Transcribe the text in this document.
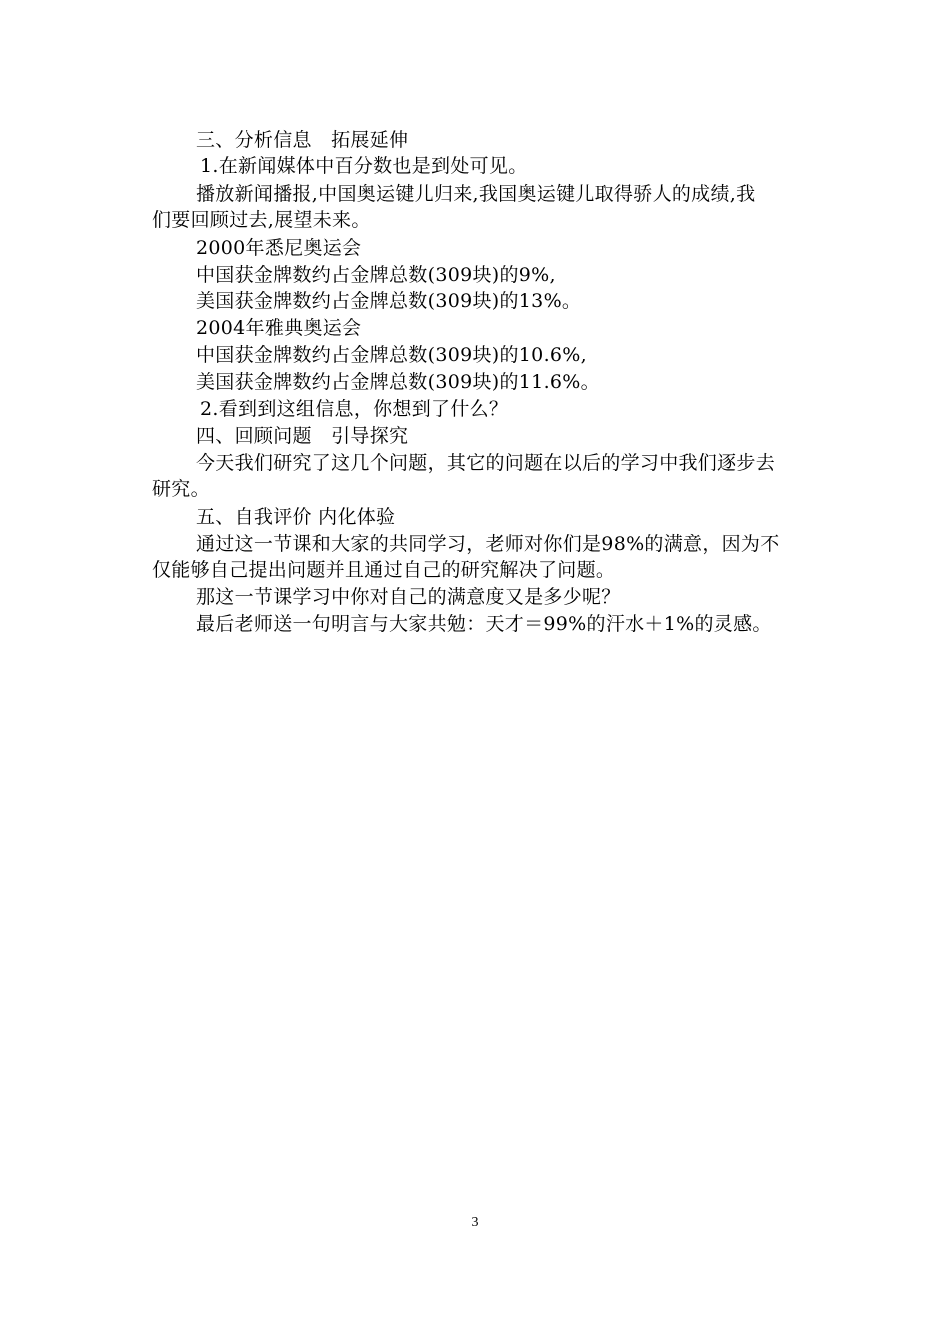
三、分析信息　拓展延伸
1.在新闻媒体中百分数也是到处可见。
播放新闻播报,中国奥运键儿归来,我国奥运键儿取得骄人的成绩,我
们要回顾过去,展望未来。
2000年悉尼奥运会
中国获金牌数约占金牌总数(309块)的9%,
美国获金牌数约占金牌总数(309块)的13%。
2004年雅典奥运会
中国获金牌数约占金牌总数(309块)的10.6%,
美国获金牌数约占金牌总数(309块)的11.6%。
2.看到到这组信息，你想到了什么？
四、回顾问题　引导探究
今天我们研究了这几个问题，其它的问题在以后的学习中我们逐步去
研究。
五、自我评价 内化体验
通过这一节课和大家的共同学习，老师对你们是98%的满意，因为不
仅能够自己提出问题并且通过自己的研究解决了问题。
那这一节课学习中你对自己的满意度又是多少呢？
最后老师送一句明言与大家共勉：天才＝99%的汗水＋1%的灵感。
3
